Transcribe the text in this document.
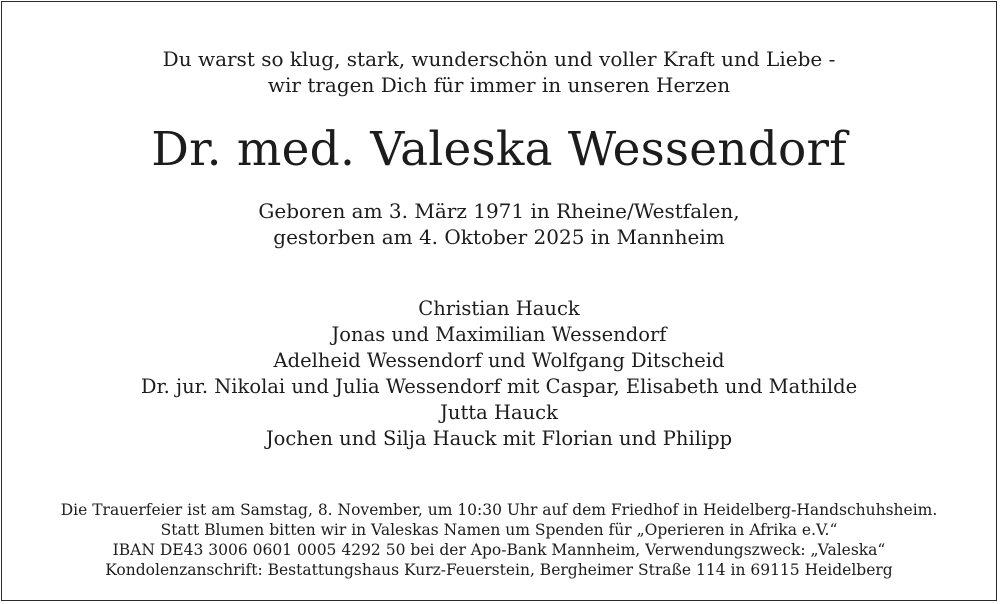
Du warst so klug, stark, wunderschön und voller Kraft und Liebe -
wir tragen Dich für immer in unseren Herzen
Dr. med. Valeska Wessendorf
Geboren am 3. März 1971 in Rheine/Westfalen,
gestorben am 4. Oktober 2025 in Mannheim
Christian Hauck
Jonas und Maximilian Wessendorf
Adelheid Wessendorf und Wolfgang Ditscheid
Dr. jur. Nikolai und Julia Wessendorf mit Caspar, Elisabeth und Mathilde
Jutta Hauck
Jochen und Silja Hauck mit Florian und Philipp
Die Trauerfeier ist am Samstag, 8. November, um 10:30 Uhr auf dem Friedhof in Heidelberg-Handschuhsheim.
Statt Blumen bitten wir in Valeskas Namen um Spenden für „Operieren in Afrika e.V.“
IBAN DE43 3006 0601 0005 4292 50 bei der Apo-Bank Mannheim, Verwendungszweck: „Valeska“
Kondolenzanschrift: Bestattungshaus Kurz-Feuerstein, Bergheimer Straße 114 in 69115 Heidelberg
